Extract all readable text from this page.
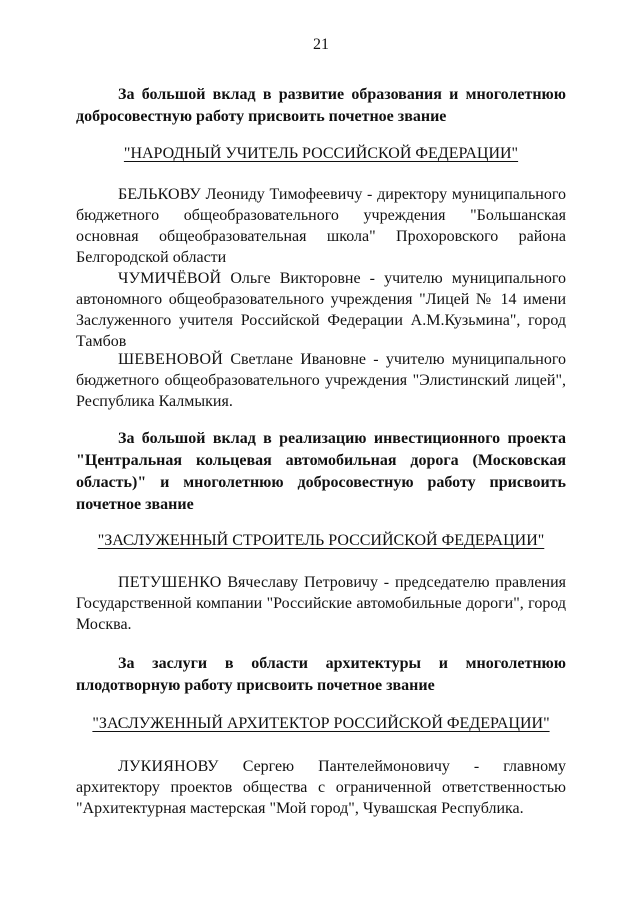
21

За большой вклад в развитие образования и многолетнюю добросовестную работу присвоить почетное звание

"НАРОДНЫЙ УЧИТЕЛЬ РОССИЙСКОЙ ФЕДЕРАЦИИ"

БЕЛЬКОВУ Леониду Тимофеевичу - директору муниципального бюджетного общеобразовательного учреждения "Большанская основная общеобразовательная школа" Прохоровского района Белгородской области

ЧУМИЧЁВОЙ Ольге Викторовне - учителю муниципального автономного общеобразовательного учреждения "Лицей № 14 имени Заслуженного учителя Российской Федерации А.М.Кузьмина", город Тамбов

ШЕВЕНОВОЙ Светлане Ивановне - учителю муниципального бюджетного общеобразовательного учреждения "Элистинский лицей", Республика Калмыкия.

За большой вклад в реализацию инвестиционного проекта "Центральная кольцевая автомобильная дорога (Московская область)" и многолетнюю добросовестную работу присвоить почетное звание

"ЗАСЛУЖЕННЫЙ СТРОИТЕЛЬ РОССИЙСКОЙ ФЕДЕРАЦИИ"

ПЕТУШЕНКО Вячеславу Петровичу - председателю правления Государственной компании "Российские автомобильные дороги", город Москва.

За заслуги в области архитектуры и многолетнюю плодотворную работу присвоить почетное звание

"ЗАСЛУЖЕННЫЙ АРХИТЕКТОР РОССИЙСКОЙ ФЕДЕРАЦИИ"

ЛУКИЯНОВУ Сергею Пантелеймоновичу - главному архитектору проектов общества с ограниченной ответственностью "Архитектурная мастерская "Мой город", Чувашская Республика.
